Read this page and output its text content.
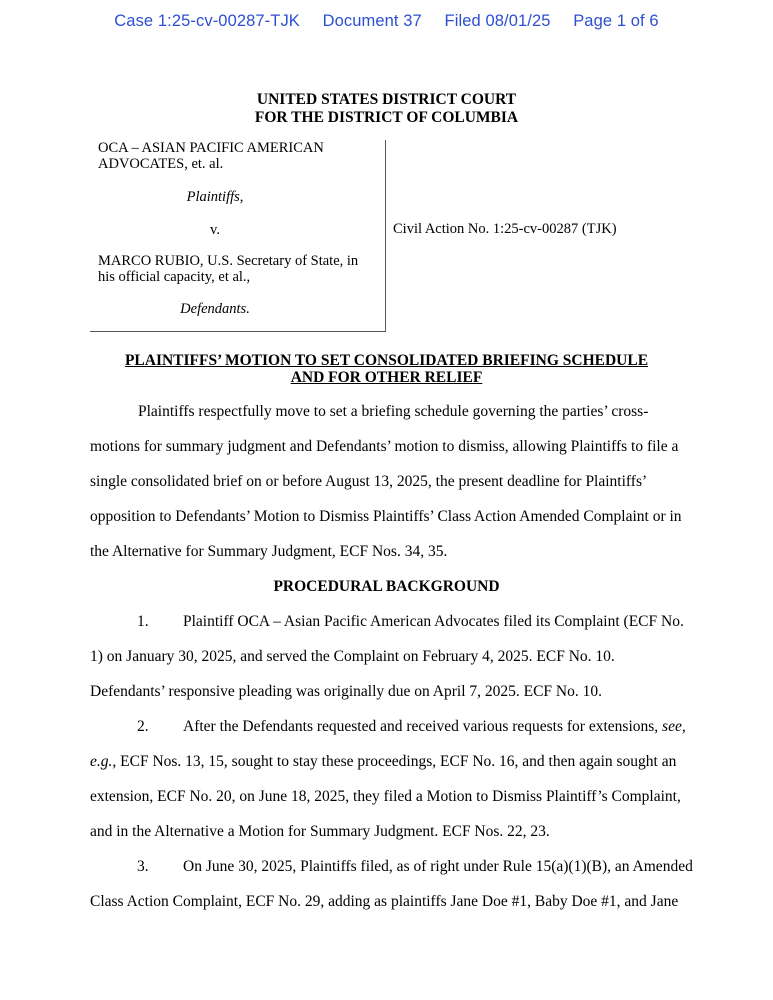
Case 1:25-cv-00287-TJK Document 37 Filed 08/01/25 Page 1 of 6
UNITED STATES DISTRICT COURT
FOR THE DISTRICT OF COLUMBIA
OCA – ASIAN PACIFIC AMERICAN
ADVOCATES, et. al.
Plaintiffs,
v.
MARCO RUBIO, U.S. Secretary of State, in
his official capacity, et al.,
Defendants.
Civil Action No. 1:25-cv-00287 (TJK)
PLAINTIFFS’ MOTION TO SET CONSOLIDATED BRIEFING SCHEDULE
AND FOR OTHER RELIEF
Plaintiffs respectfully move to set a briefing schedule governing the parties’ cross-
motions for summary judgment and Defendants’ motion to dismiss, allowing Plaintiffs to file a
single consolidated brief on or before August 13, 2025, the present deadline for Plaintiffs’
opposition to Defendants’ Motion to Dismiss Plaintiffs’ Class Action Amended Complaint or in
the Alternative for Summary Judgment, ECF Nos. 34, 35.
PROCEDURAL BACKGROUND
1. Plaintiff OCA – Asian Pacific American Advocates filed its Complaint (ECF No.
1) on January 30, 2025, and served the Complaint on February 4, 2025. ECF No. 10.
Defendants’ responsive pleading was originally due on April 7, 2025. ECF No. 10.
2. After the Defendants requested and received various requests for extensions, see,
e.g., ECF Nos. 13, 15, sought to stay these proceedings, ECF No. 16, and then again sought an
extension, ECF No. 20, on June 18, 2025, they filed a Motion to Dismiss Plaintiff’s Complaint,
and in the Alternative a Motion for Summary Judgment. ECF Nos. 22, 23.
3. On June 30, 2025, Plaintiffs filed, as of right under Rule 15(a)(1)(B), an Amended
Class Action Complaint, ECF No. 29, adding as plaintiffs Jane Doe #1, Baby Doe #1, and Jane
